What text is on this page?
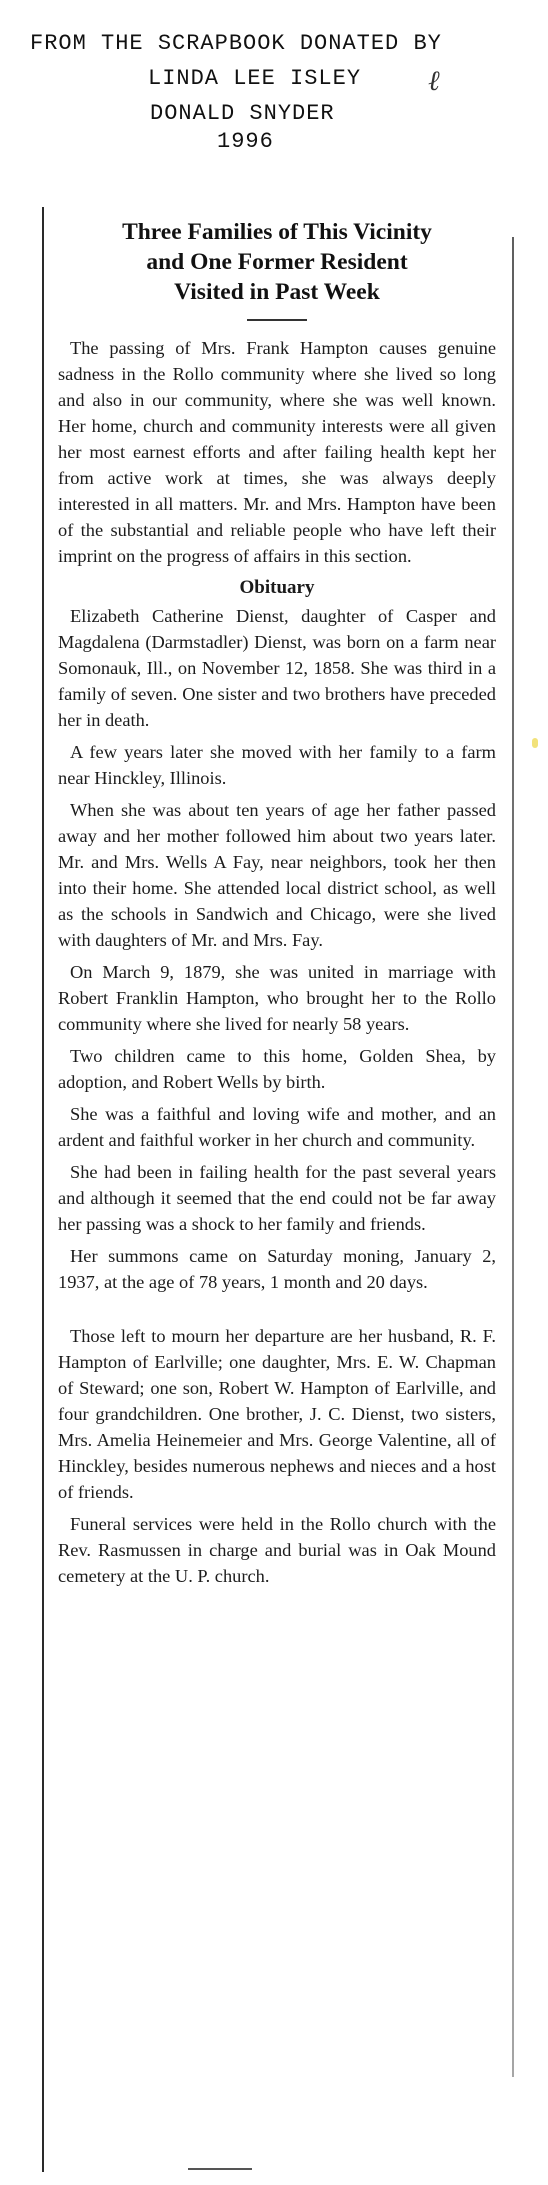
FROM THE SCRAPBOOK DONATED BY
LINDA LEE ISLEY
DONALD SNYDER
1996
ℓ
Three Families of This Vicinity
and One Former Resident
Visited in Past Week

The passing of Mrs. Frank Hampton causes genuine sadness in the Rollo community where she lived so long and also in our community, where she was well known. Her home, church and community interests were all given her most earnest efforts and after failing health kept her from active work at times, she was always deeply interested in all matters. Mr. and Mrs. Hampton have been of the substantial and reliable people who have left their imprint on the progress of affairs in this section.

Obituary

Elizabeth Catherine Dienst, daughter of Casper and Magdalena (Darmstadler) Dienst, was born on a farm near Somonauk, Ill., on November 12, 1858. She was third in a family of seven. One sister and two brothers have preceded her in death.

A few years later she moved with her family to a farm near Hinckley, Illinois.

When she was about ten years of age her father passed away and her mother followed him about two years later. Mr. and Mrs. Wells A Fay, near neighbors, took her then into their home. She attended local district school, as well as the schools in Sandwich and Chicago, were she lived with daughters of Mr. and Mrs. Fay.

On March 9, 1879, she was united in marriage with Robert Franklin Hampton, who brought her to the Rollo community where she lived for nearly 58 years.

Two children came to this home, Golden Shea, by adoption, and Robert Wells by birth.

She was a faithful and loving wife and mother, and an ardent and faithful worker in her church and community.

She had been in failing health for the past several years and although it seemed that the end could not be far away her passing was a shock to her family and friends.

Her summons came on Saturday moning, January 2, 1937, at the age of 78 years, 1 month and 20 days.

Those left to mourn her departure are her husband, R. F. Hampton of Earlville; one daughter, Mrs. E. W. Chapman of Steward; one son, Robert W. Hampton of Earlville, and four grandchildren. One brother, J. C. Dienst, two sisters, Mrs. Amelia Heinemeier and Mrs. George Valentine, all of Hinckley, besides numerous nephews and nieces and a host of friends.

Funeral services were held in the Rollo church with the Rev. Rasmussen in charge and burial was in Oak Mound cemetery at the U. P. church.
